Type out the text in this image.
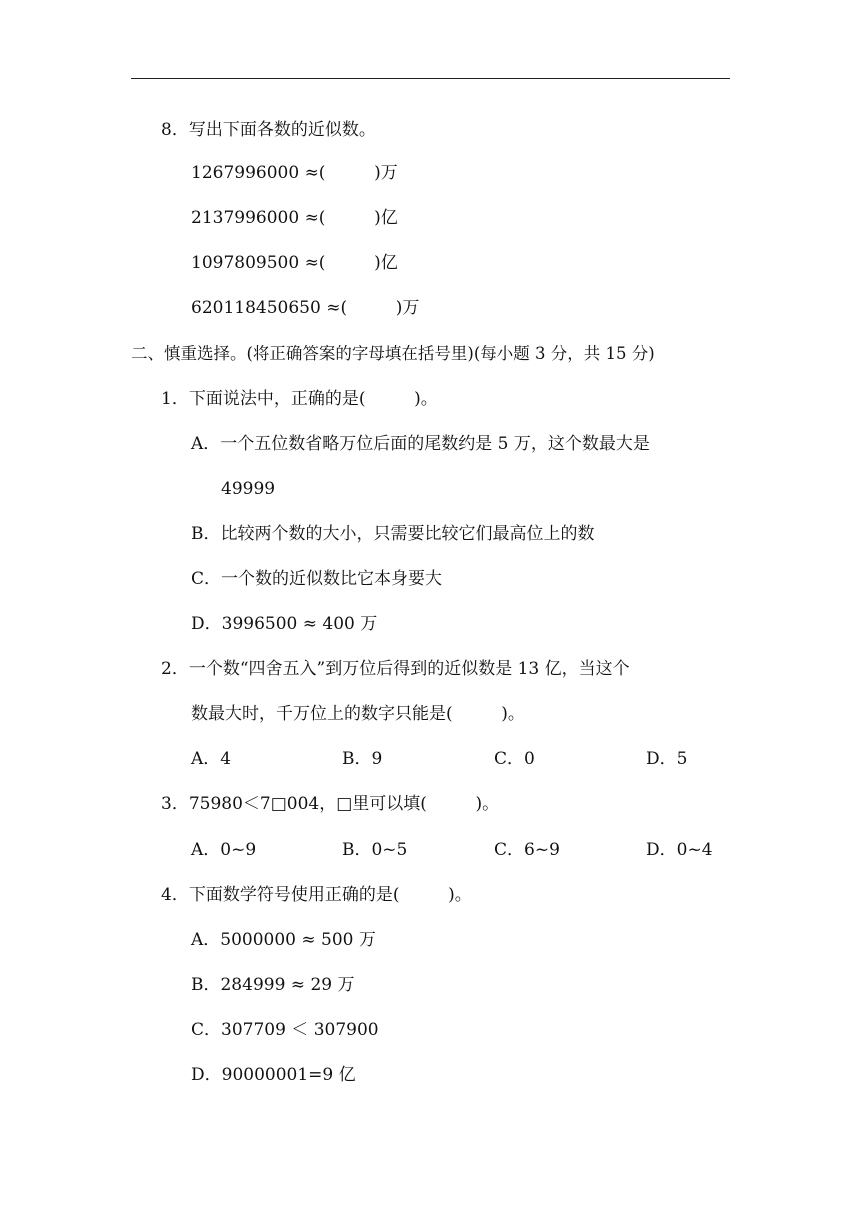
8．写出下面各数的近似数。
1267996000 ≈(         )万
2137996000 ≈(         )亿
1097809500 ≈(         )亿
620118450650 ≈(         )万
二、慎重选择。(将正确答案的字母填在括号里)(每小题 3 分，共 15 分)
1．下面说法中，正确的是(         )。
A．一个五位数省略万位后面的尾数约是 5 万，这个数最大是
49999
B．比较两个数的大小，只需要比较它们最高位上的数
C．一个数的近似数比它本身要大
D．3996500 ≈ 400 万
2．一个数“四舍五入”到万位后得到的近似数是 13 亿，当这个
数最大时，千万位上的数字只能是(         )。
A．4	B．9	C．0	D．5
3．75980＜7□004，□里可以填(         )。
A．0~9	B．0~5	C．6~9	D．0~4
4．下面数学符号使用正确的是(         )。
A．5000000 ≈ 500 万
B．284999 ≈ 29 万
C．307709 ＜ 307900
D．90000001=9 亿
